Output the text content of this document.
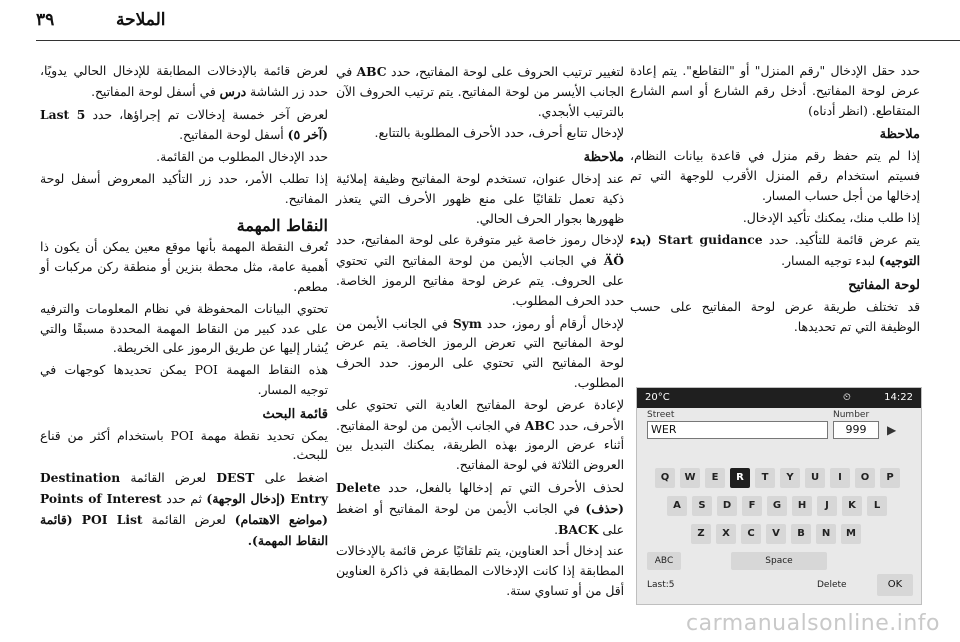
٣٩	الملاحة

حدد حقل الإدخال "رقم المنزل" أو "التقاطع". يتم إعادة عرض لوحة المفاتيح. أدخل رقم الشارع أو اسم الشارع المتقاطع. (انظر أدناه)

ملاحظة

إذا لم يتم حفظ رقم منزل في قاعدة بيانات النظام، فسيتم استخدام رقم المنزل الأقرب للوجهة التي تم إدخالها من أجل حساب المسار.

إذا طلب منك، يمكنك تأكيد الإدخال.

يتم عرض قائمة للتأكيد. حدد Start guidance (بدء التوجيه) لبدء توجيه المسار.

لوحة المفاتيح

قد تختلف طريقة عرض لوحة المفاتيح على حسب الوظيفة التي تم تحديدها.

20°C	⏲	14:22
Street
WER
Number
999	▶
Q	W	E	R	T	Y	U	I	O	P
A	S	D	F	G	H	J	K	L
Z	X	C	V	B	N	M
ABC	Space
Last:5	Delete	OK

لتغيير ترتيب الحروف على لوحة المفاتيح، حدد ABC في الجانب الأيسر من لوحة المفاتيح. يتم ترتيب الحروف الآن بالترتيب الأبجدي.

لإدخال تتابع أحرف، حدد الأحرف المطلوبة بالتتابع.

ملاحظة

عند إدخال عنوان، تستخدم لوحة المفاتيح وظيفة إملائية ذكية تعمل تلقائيًا على منع ظهور الأحرف التي يتعذر ظهورها بجوار الحرف الحالي.

لإدخال رموز خاصة غير متوفرة على لوحة المفاتيح، حدد ÄÖ في الجانب الأيمن من لوحة المفاتيح التي تحتوي على الحروف. يتم عرض لوحة مفاتيح الرموز الخاصة. حدد الحرف المطلوب.

لإدخال أرقام أو رموز، حدد Sym في الجانب الأيمن من لوحة المفاتيح التي تعرض الرموز الخاصة. يتم عرض لوحة المفاتيح التي تحتوي على الرموز. حدد الحرف المطلوب.

لإعادة عرض لوحة المفاتيح العادية التي تحتوي على الأحرف، حدد ABC في الجانب الأيمن من لوحة المفاتيح. أثناء عرض الرموز بهذه الطريقة، يمكنك التبديل بين العروض الثلاثة في لوحة المفاتيح.

لحذف الأحرف التي تم إدخالها بالفعل، حدد Delete (حذف) في الجانب الأيمن من لوحة المفاتيح أو اضغط على BACK.

عند إدخال أحد العناوين، يتم تلقائيًا عرض قائمة بالإدخالات المطابقة إذا كانت الإدخالات المطابقة في ذاكرة العناوين أقل من أو تساوي ستة.

لعرض قائمة بالإدخالات المطابقة للإدخال الحالي يدويًا، حدد زر الشاشة درس في أسفل لوحة المفاتيح.

لعرض آخر خمسة إدخالات تم إجراؤها، حدد Last 5 (آخر ٥) أسفل لوحة المفاتيح.

حدد الإدخال المطلوب من القائمة.

إذا تطلب الأمر، حدد زر التأكيد المعروض أسفل لوحة المفاتيح.

النقاط المهمة

تُعرف النقطة المهمة بأنها موقع معين يمكن أن يكون ذا أهمية عامة، مثل محطة بنزين أو منطقة ركن مركبات أو مطعم.

تحتوي البيانات المحفوظة في نظام المعلومات والترفيه على عدد كبير من النقاط المهمة المحددة مسبقًا والتي يُشار إليها عن طريق الرموز على الخريطة.

هذه النقاط المهمة POI يمكن تحديدها كوجهات في توجيه المسار.

قائمة البحث

يمكن تحديد نقطة مهمة POI باستخدام أكثر من قناع للبحث.

اضغط على DEST لعرض القائمة Destination Entry (إدخال الوجهة) ثم حدد Points of Interest (مواضع الاهتمام) لعرض القائمة POI List (قائمة النقاط المهمة).

carmanualsonline.info
